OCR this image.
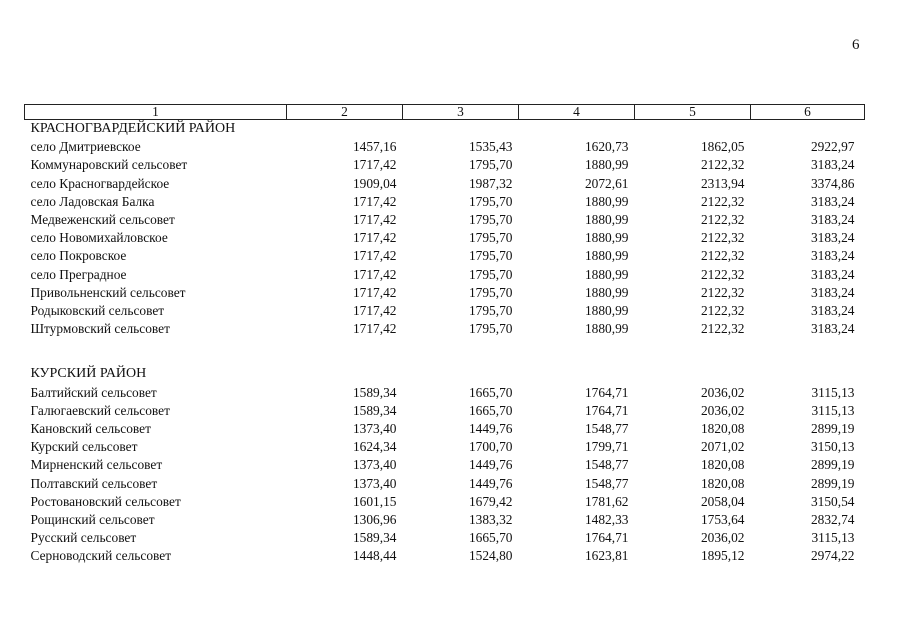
6
1	2	3	4	5	6
КРАСНОГВАРДЕЙСКИЙ РАЙОН					
село Дмитриевское	1457,16	1535,43	1620,73	1862,05	2922,97
Коммунаровский сельсовет	1717,42	1795,70	1880,99	2122,32	3183,24
село Красногвардейское	1909,04	1987,32	2072,61	2313,94	3374,86
село Ладовская Балка	1717,42	1795,70	1880,99	2122,32	3183,24
Медвеженский сельсовет	1717,42	1795,70	1880,99	2122,32	3183,24
село Новомихайловское	1717,42	1795,70	1880,99	2122,32	3183,24
село Покровское	1717,42	1795,70	1880,99	2122,32	3183,24
село Преградное	1717,42	1795,70	1880,99	2122,32	3183,24
Привольненский сельсовет	1717,42	1795,70	1880,99	2122,32	3183,24
Родыковский сельсовет	1717,42	1795,70	1880,99	2122,32	3183,24
Штурмовский сельсовет	1717,42	1795,70	1880,99	2122,32	3183,24

КУРСКИЙ РАЙОН					
Балтийский сельсовет	1589,34	1665,70	1764,71	2036,02	3115,13
Галюгаевский сельсовет	1589,34	1665,70	1764,71	2036,02	3115,13
Кановский сельсовет	1373,40	1449,76	1548,77	1820,08	2899,19
Курский сельсовет	1624,34	1700,70	1799,71	2071,02	3150,13
Мирненский сельсовет	1373,40	1449,76	1548,77	1820,08	2899,19
Полтавский сельсовет	1373,40	1449,76	1548,77	1820,08	2899,19
Ростовановский сельсовет	1601,15	1679,42	1781,62	2058,04	3150,54
Рощинский сельсовет	1306,96	1383,32	1482,33	1753,64	2832,74
Русский сельсовет	1589,34	1665,70	1764,71	2036,02	3115,13
Серноводский сельсовет	1448,44	1524,80	1623,81	1895,12	2974,22
